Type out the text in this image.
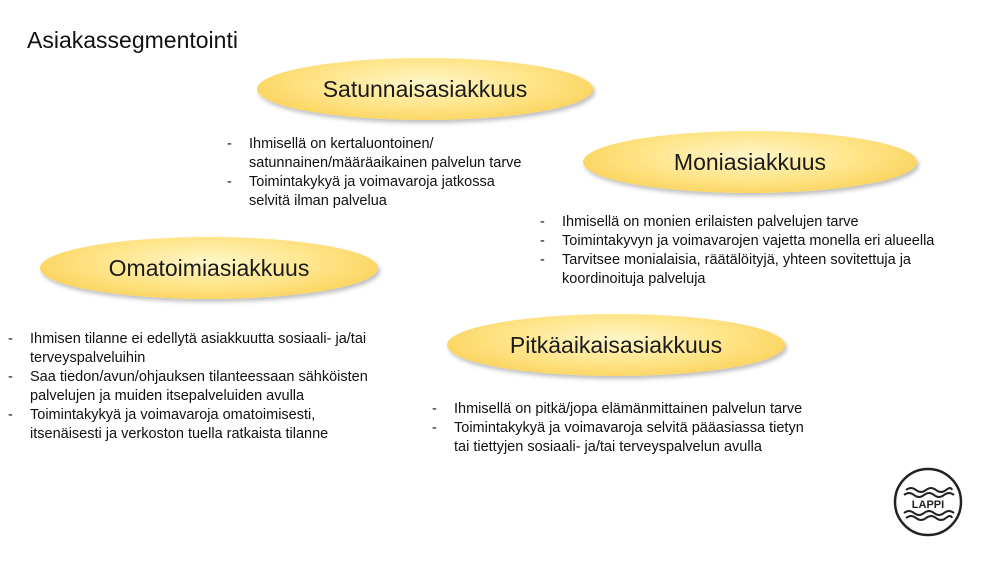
Asiakassegmentointi
Satunnaisasiakkuus
- Ihmisellä on kertaluontoinen/
satunnainen/määräaikainen palvelun tarve
- Toimintakykyä ja voimavaroja jatkossa
selvitä ilman palvelua
Moniasiakkuus
- Ihmisellä on monien erilaisten palvelujen tarve
- Toimintakyvyn ja voimavarojen vajetta monella eri alueella
- Tarvitsee monialaisia, räätälöityjä, yhteen sovitettuja ja
koordinoituja palveluja
Omatoimiasiakkuus
- Ihmisen tilanne ei edellytä asiakkuutta sosiaali- ja/tai
terveyspalveluihin
- Saa tiedon/avun/ohjauksen tilanteessaan sähköisten
palvelujen ja muiden itsepalveluiden avulla
- Toimintakykyä ja voimavaroja omatoimisesti,
itsenäisesti ja verkoston tuella ratkaista tilanne
Pitkäaikaisasiakkuus
- Ihmisellä on pitkä/jopa elämänmittainen palvelun tarve
- Toimintakykyä ja voimavaroja selvitä pääasiassa tietyn
tai tiettyjen sosiaali- ja/tai terveyspalvelun avulla
LAPPI
